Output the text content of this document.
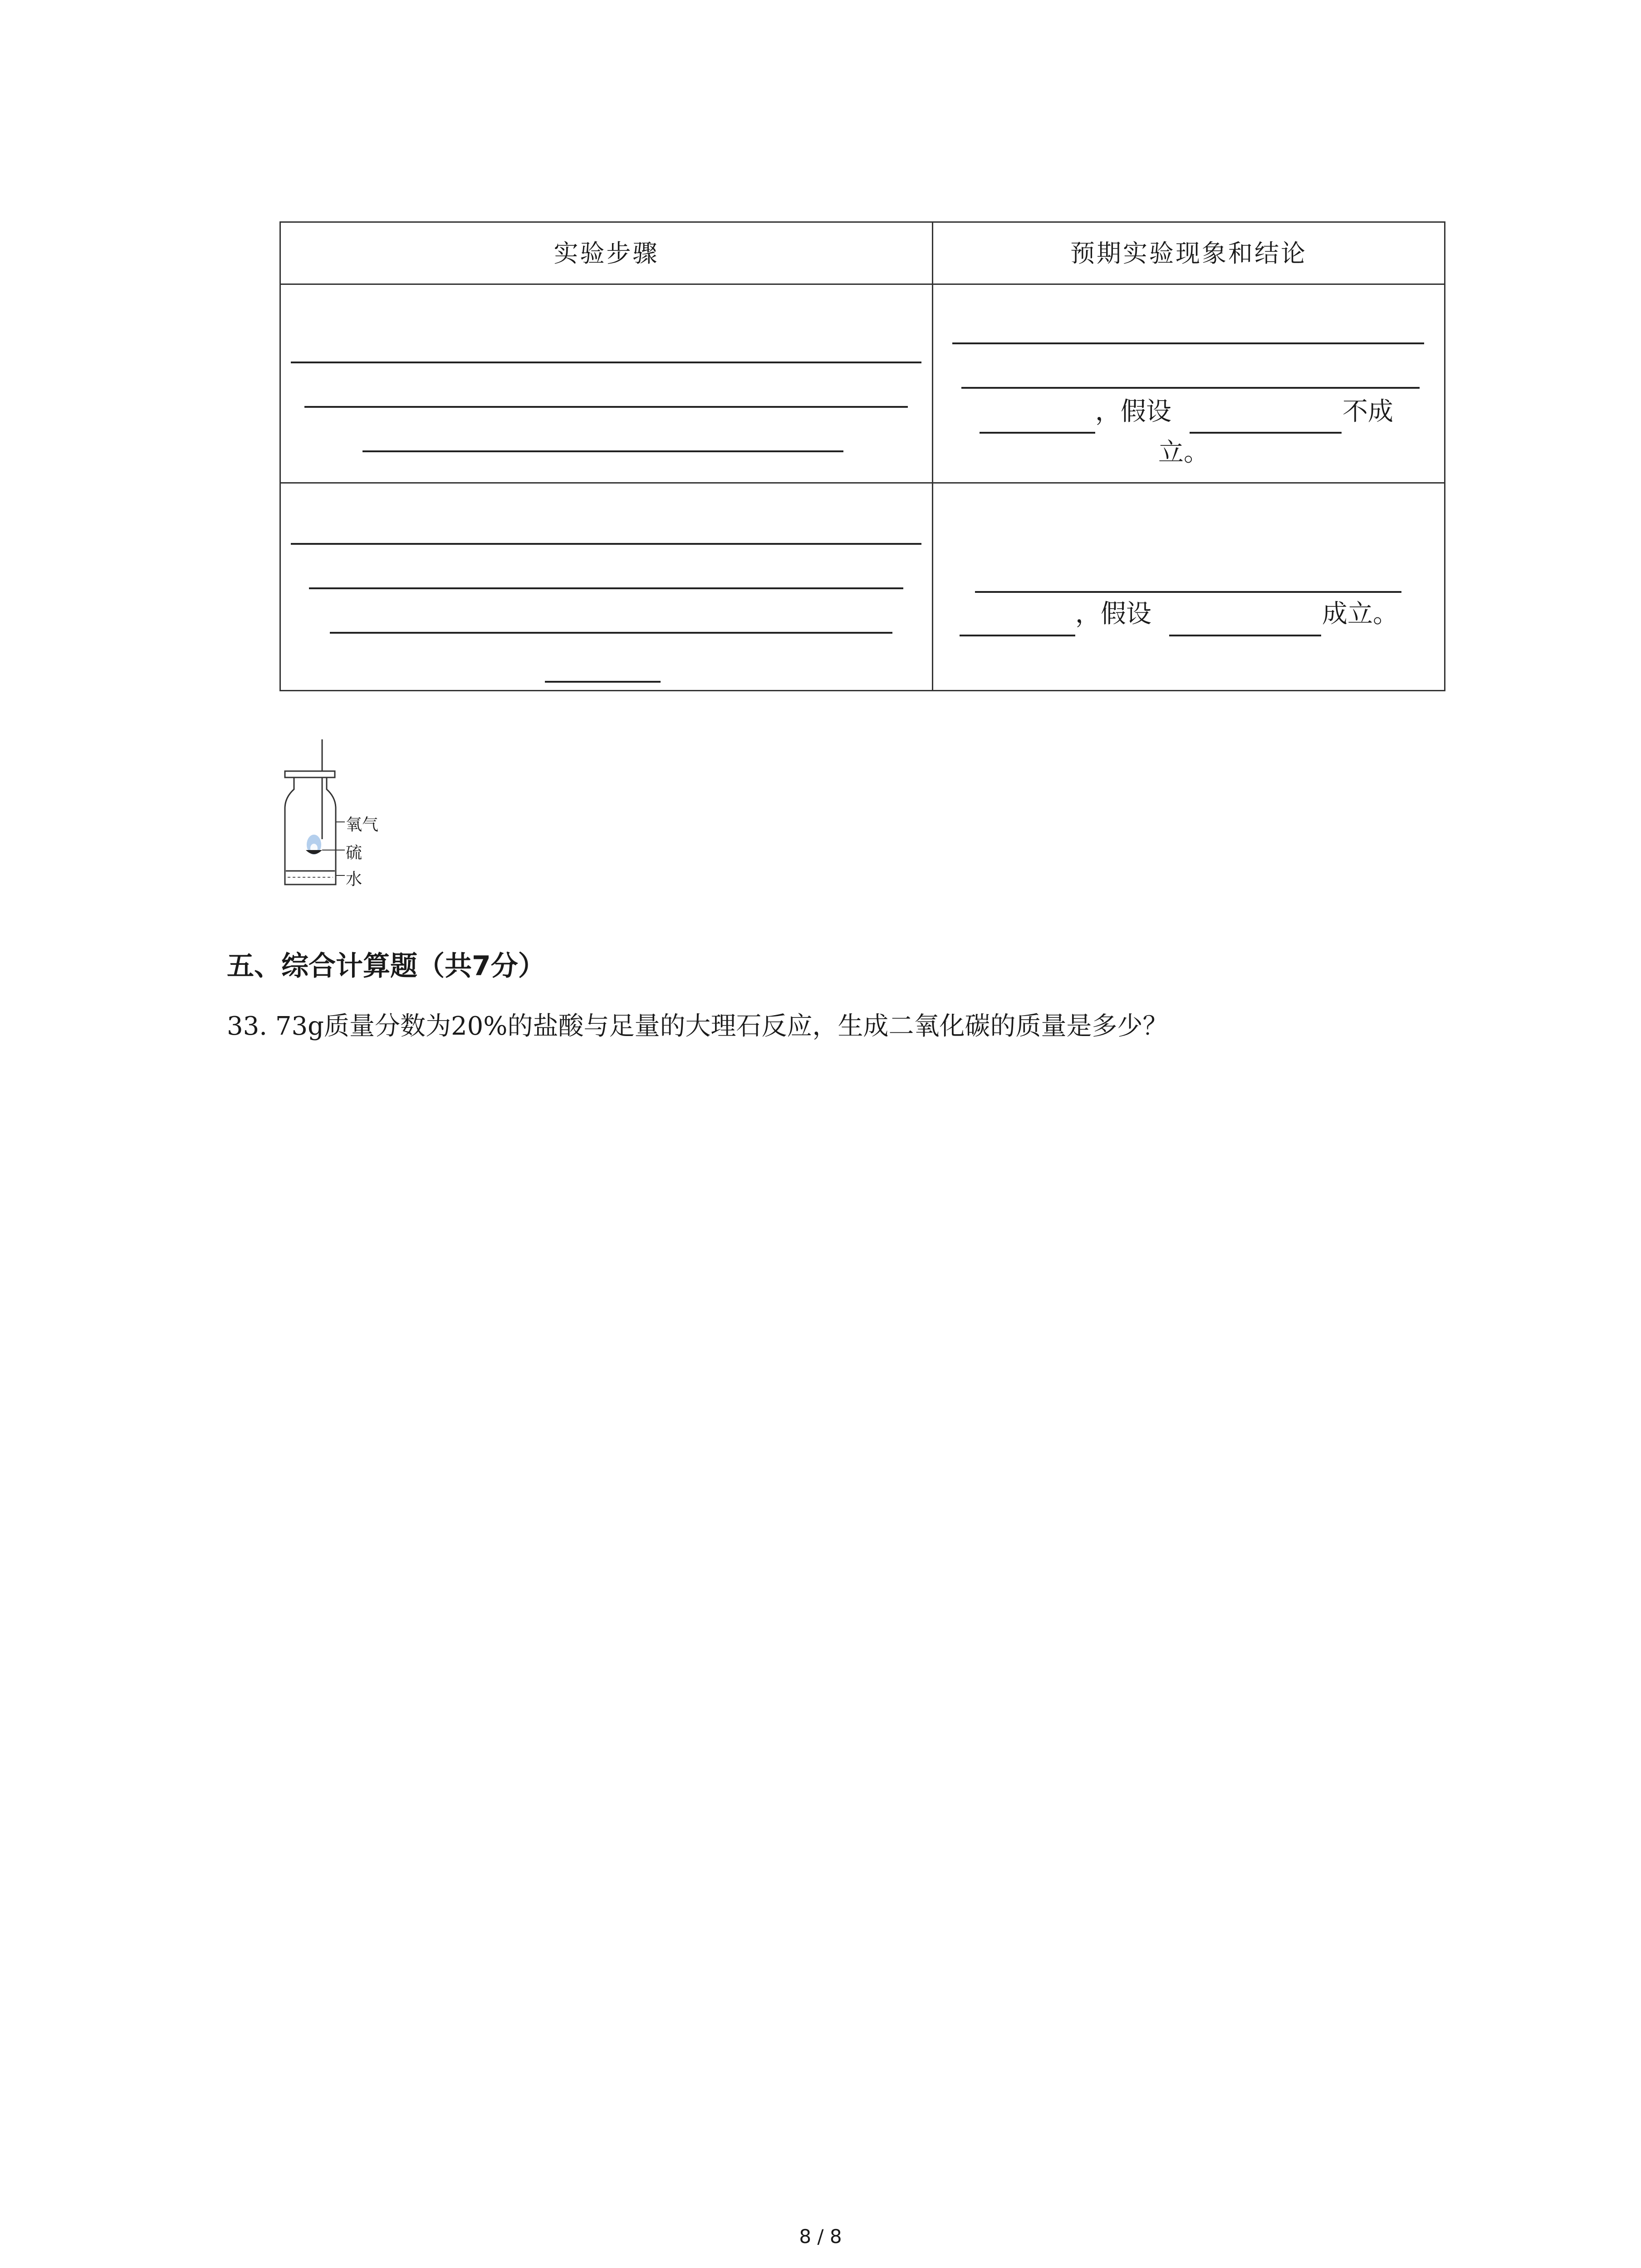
实验步骤	预期实验现象和结论
，假设	不成
立。
，假设	成立。
氧气
硫
水
五、综合计算题（共7分）
33. 73g质量分数为20%的盐酸与足量的大理石反应，生成二氧化碳的质量是多少？
8 / 8
